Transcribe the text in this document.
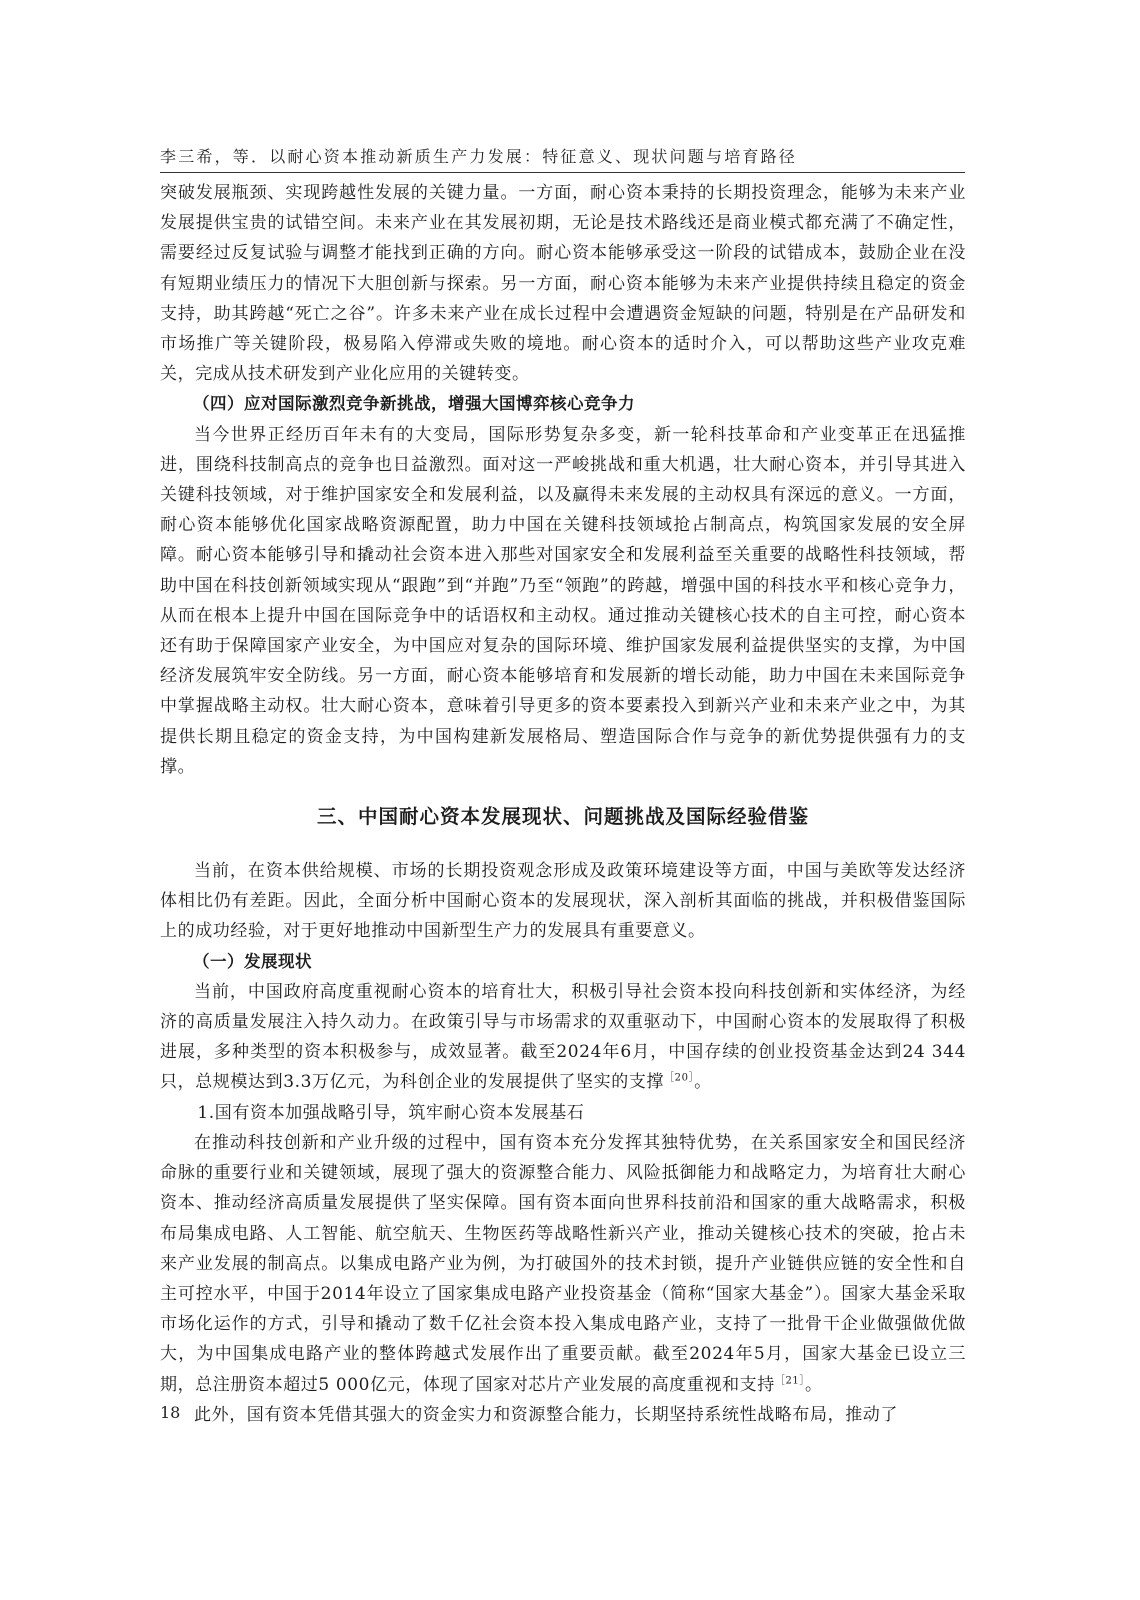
李三希，等．以耐心资本推动新质生产力发展：特征意义、现状问题与培育路径

突破发展瓶颈、实现跨越性发展的关键力量。一方面，耐心资本秉持的长期投资理念，能够为未来产业发展提供宝贵的试错空间。未来产业在其发展初期，无论是技术路线还是商业模式都充满了不确定性，需要经过反复试验与调整才能找到正确的方向。耐心资本能够承受这一阶段的试错成本，鼓励企业在没有短期业绩压力的情况下大胆创新与探索。另一方面，耐心资本能够为未来产业提供持续且稳定的资金支持，助其跨越“死亡之谷”。许多未来产业在成长过程中会遭遇资金短缺的问题，特别是在产品研发和市场推广等关键阶段，极易陷入停滞或失败的境地。耐心资本的适时介入，可以帮助这些产业攻克难关，完成从技术研发到产业化应用的关键转变。

（四）应对国际激烈竞争新挑战，增强大国博弈核心竞争力

当今世界正经历百年未有的大变局，国际形势复杂多变，新一轮科技革命和产业变革正在迅猛推进，围绕科技制高点的竞争也日益激烈。面对这一严峻挑战和重大机遇，壮大耐心资本，并引导其进入关键科技领域，对于维护国家安全和发展利益，以及赢得未来发展的主动权具有深远的意义。一方面，耐心资本能够优化国家战略资源配置，助力中国在关键科技领域抢占制高点，构筑国家发展的安全屏障。耐心资本能够引导和撬动社会资本进入那些对国家安全和发展利益至关重要的战略性科技领域，帮助中国在科技创新领域实现从“跟跑”到“并跑”乃至“领跑”的跨越，增强中国的科技水平和核心竞争力，从而在根本上提升中国在国际竞争中的话语权和主动权。通过推动关键核心技术的自主可控，耐心资本还有助于保障国家产业安全，为中国应对复杂的国际环境、维护国家发展利益提供坚实的支撑，为中国经济发展筑牢安全防线。另一方面，耐心资本能够培育和发展新的增长动能，助力中国在未来国际竞争中掌握战略主动权。壮大耐心资本，意味着引导更多的资本要素投入到新兴产业和未来产业之中，为其提供长期且稳定的资金支持，为中国构建新发展格局、塑造国际合作与竞争的新优势提供强有力的支撑。

三、中国耐心资本发展现状、问题挑战及国际经验借鉴

当前，在资本供给规模、市场的长期投资观念形成及政策环境建设等方面，中国与美欧等发达经济体相比仍有差距。因此，全面分析中国耐心资本的发展现状，深入剖析其面临的挑战，并积极借鉴国际上的成功经验，对于更好地推动中国新型生产力的发展具有重要意义。

（一）发展现状

当前，中国政府高度重视耐心资本的培育壮大，积极引导社会资本投向科技创新和实体经济，为经济的高质量发展注入持久动力。在政策引导与市场需求的双重驱动下，中国耐心资本的发展取得了积极进展，多种类型的资本积极参与，成效显著。截至2024年6月，中国存续的创业投资基金达到24 344只，总规模达到3.3万亿元，为科创企业的发展提供了坚实的支撑$^{[20]}$。

1.国有资本加强战略引导，筑牢耐心资本发展基石

在推动科技创新和产业升级的过程中，国有资本充分发挥其独特优势，在关系国家安全和国民经济命脉的重要行业和关键领域，展现了强大的资源整合能力、风险抵御能力和战略定力，为培育壮大耐心资本、推动经济高质量发展提供了坚实保障。国有资本面向世界科技前沿和国家的重大战略需求，积极布局集成电路、人工智能、航空航天、生物医药等战略性新兴产业，推动关键核心技术的突破，抢占未来产业发展的制高点。以集成电路产业为例，为打破国外的技术封锁，提升产业链供应链的安全性和自主可控水平，中国于2014年设立了国家集成电路产业投资基金（简称“国家大基金”）。国家大基金采取市场化运作的方式，引导和撬动了数千亿社会资本投入集成电路产业，支持了一批骨干企业做强做优做大，为中国集成电路产业的整体跨越式发展作出了重要贡献。截至2024年5月，国家大基金已设立三期，总注册资本超过5 000亿元，体现了国家对芯片产业发展的高度重视和支持$^{[21]}$。

此外，国有资本凭借其强大的资金实力和资源整合能力，长期坚持系统性战略布局，推动了

18
